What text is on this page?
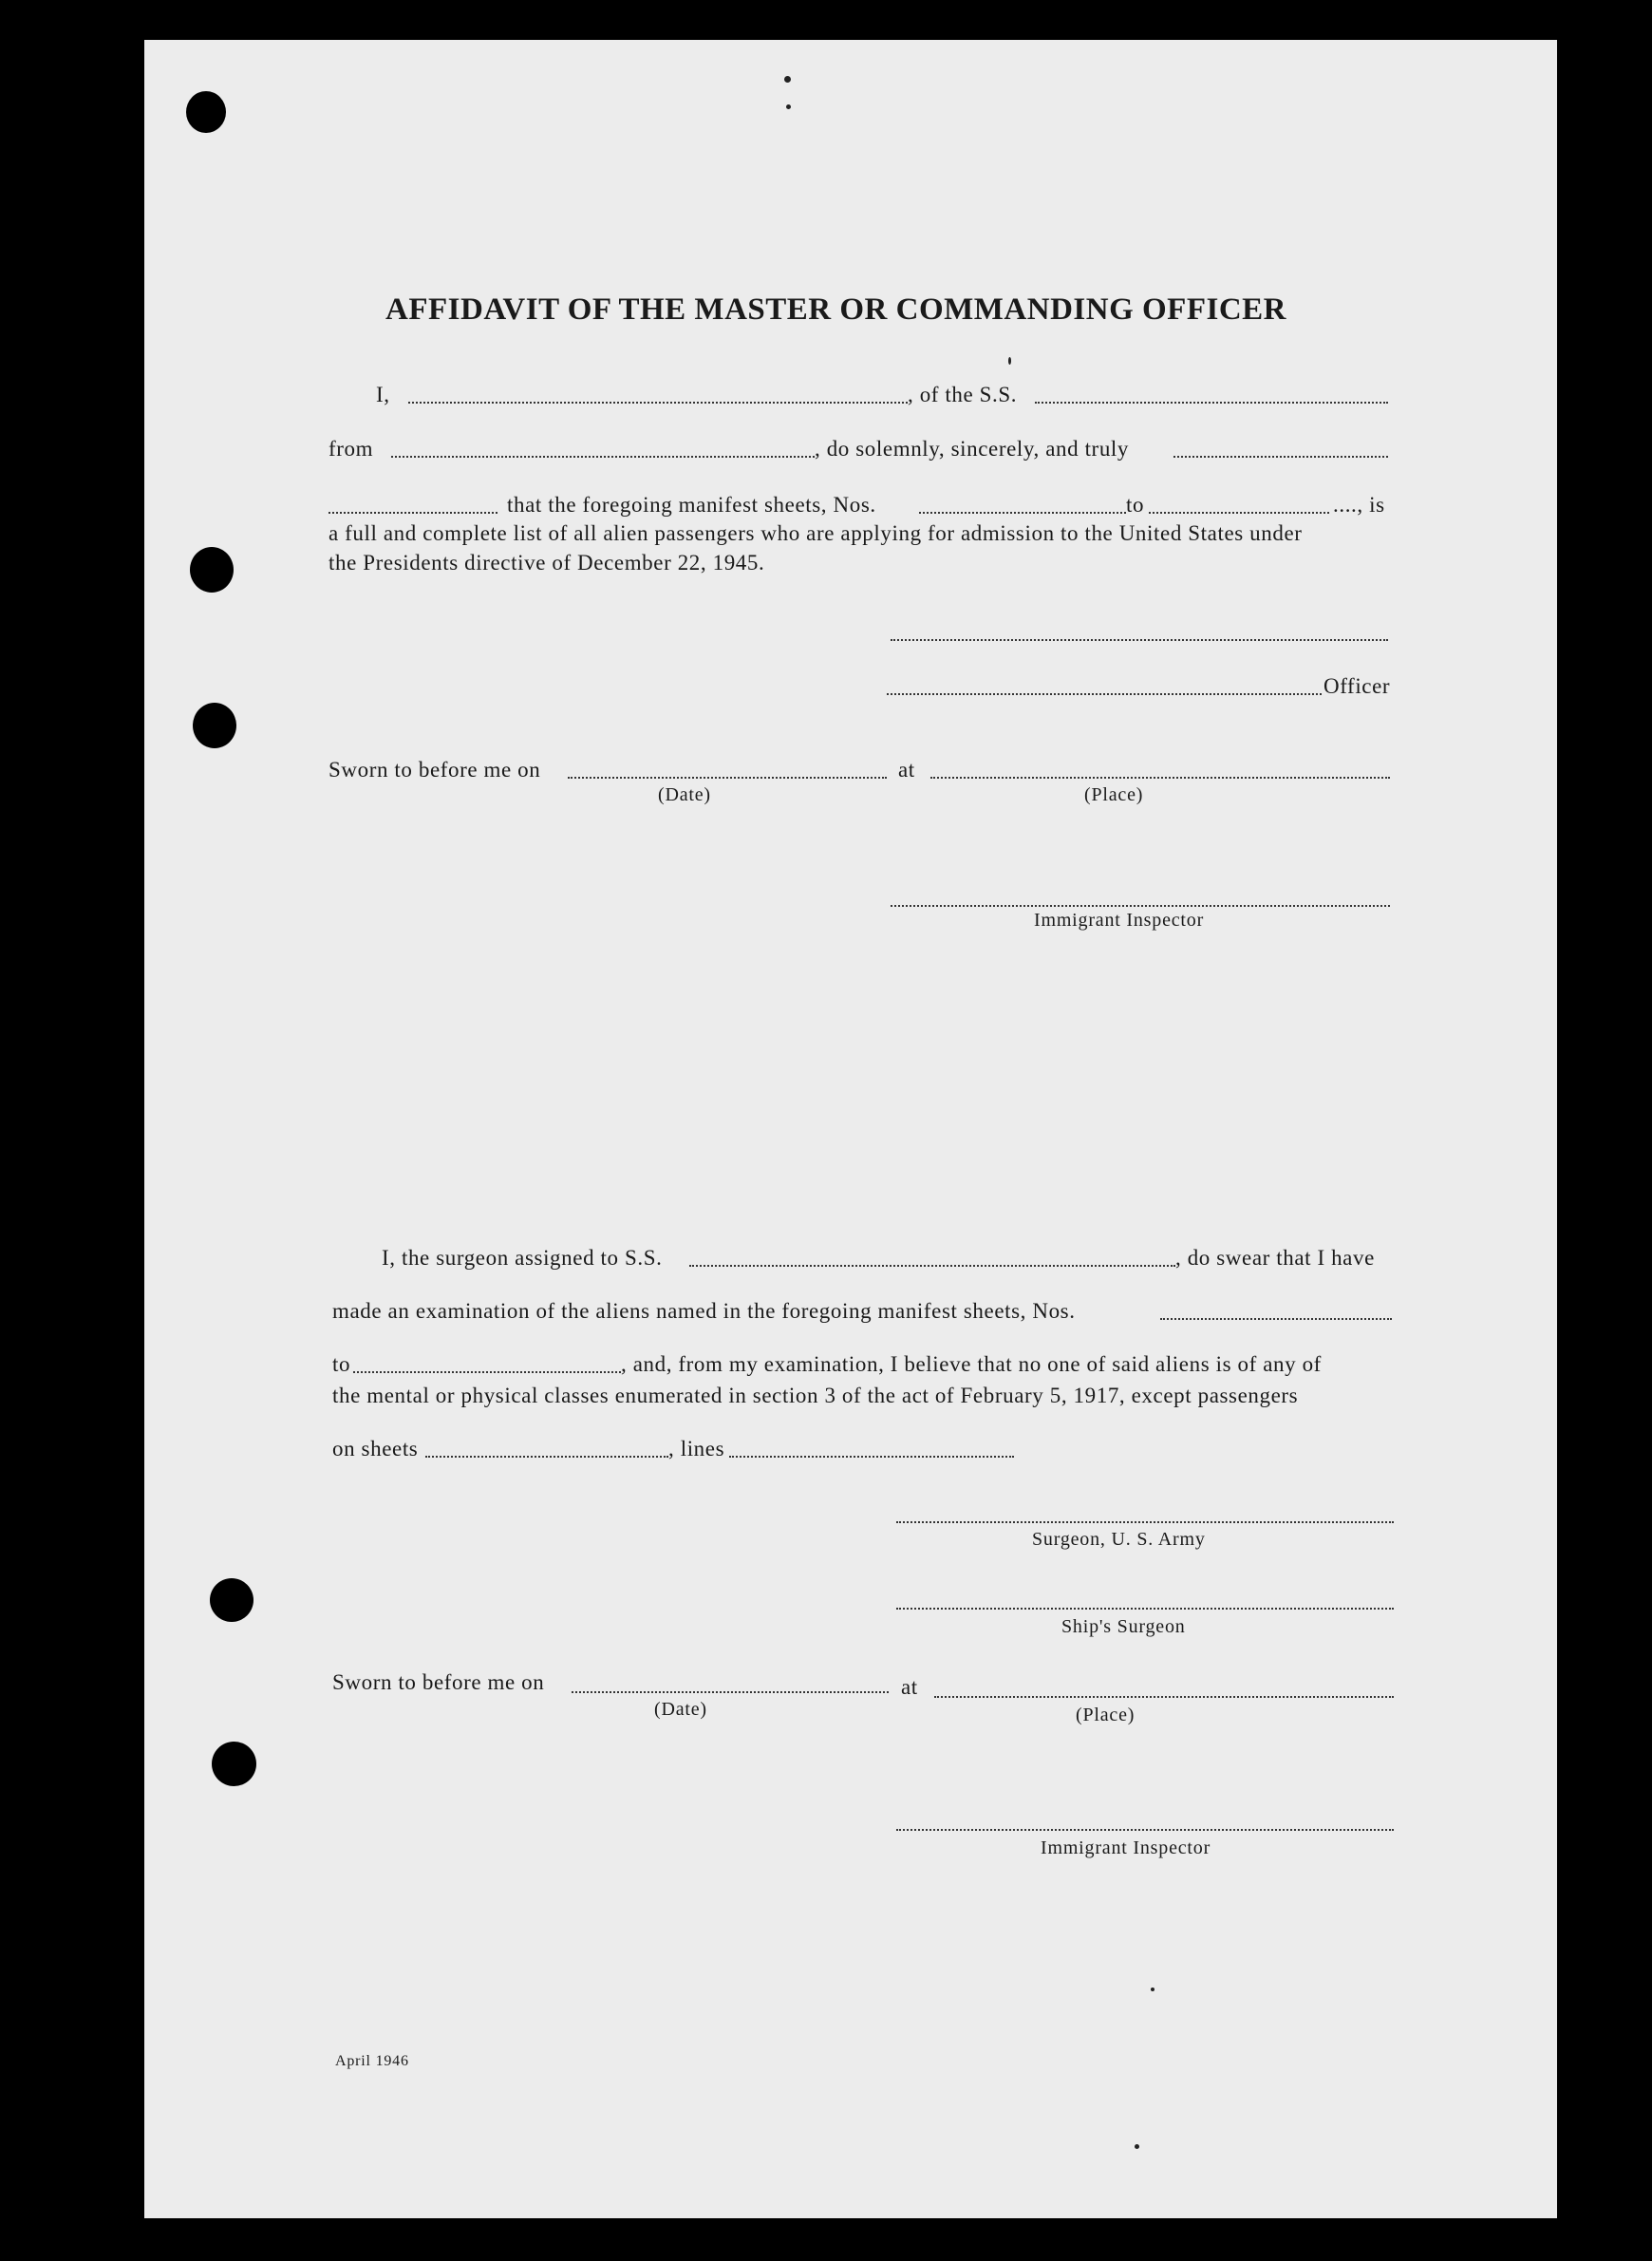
AFFIDAVIT OF THE MASTER OR COMMANDING OFFICER
I,	, of the S.S.
from	, do solemnly, sincerely, and truly
that the foregoing manifest sheets, Nos.	to	...., is
a full and complete list of all alien passengers who are applying for admission to the United States under
the Presidents directive of December 22, 1945.
Officer
Sworn to before me on	at
(Date)	(Place)
Immigrant Inspector
I, the surgeon assigned to S.S.	, do swear that I have
made an examination of the aliens named in the foregoing manifest sheets, Nos.
to	, and, from my examination, I believe that no one of said aliens is of any of
the mental or physical classes enumerated in section 3 of the act of February 5, 1917, except passengers
on sheets	, lines
Surgeon, U. S. Army
Ship's Surgeon
Sworn to before me on	at
(Date)	(Place)
Immigrant Inspector
April 1946
